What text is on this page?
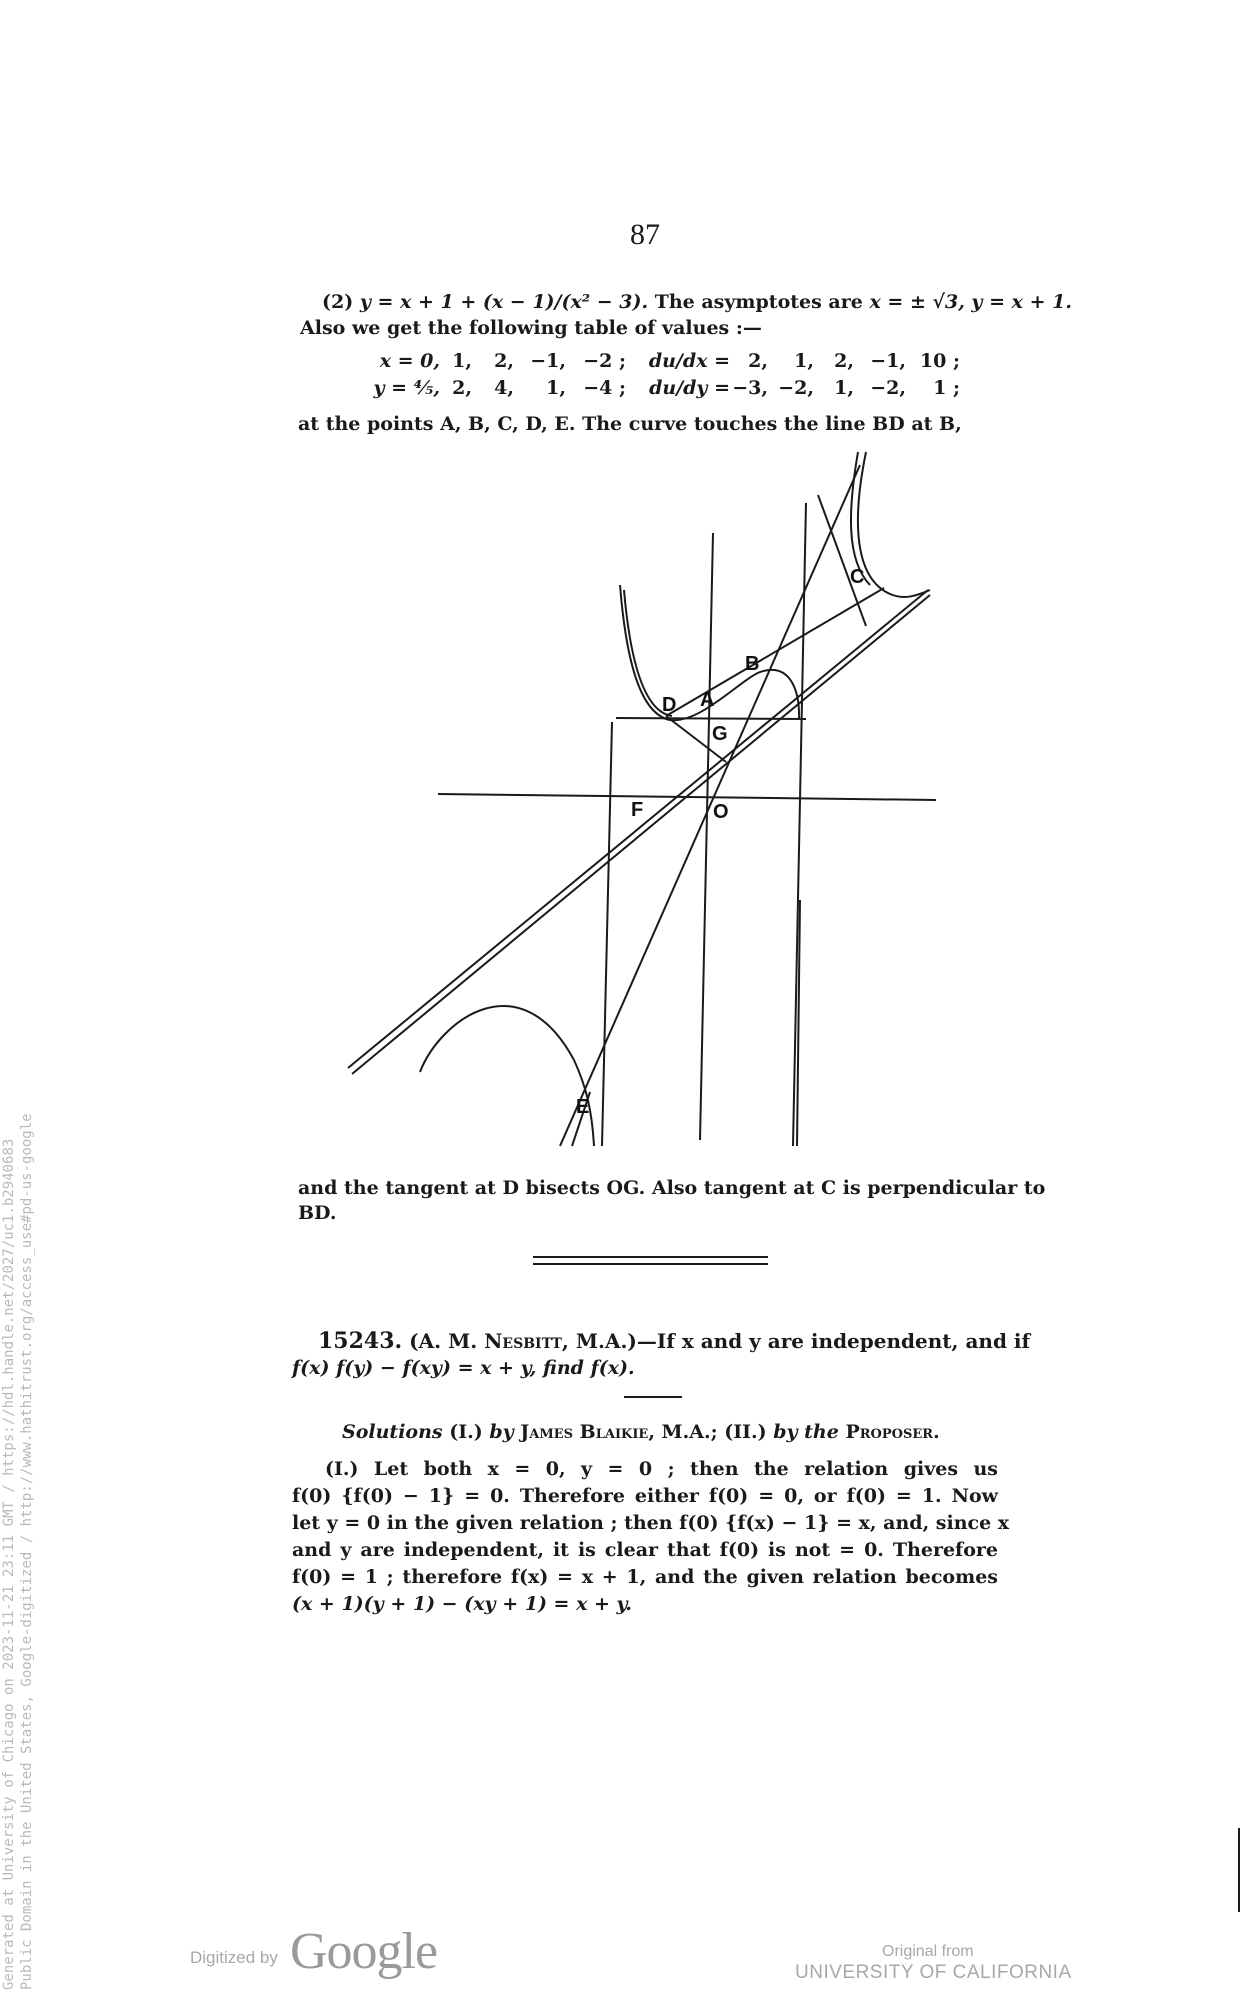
87
(2) y = x + 1 + (x − 1)/(x² − 3). The asymptotes are x = ± √3, y = x + 1.
Also we get the following table of values :—
x = 0, 1,	2, −1, −2 ;	du/dx = 2,	1,	2, −1, 10 ;
y = ⅘, 2,	4,	1, −4 ;	du/dy = −3, −2,	1, −2,	1 ;
at the points A, B, C, D, E. The curve touches the line BD at B,
B
C
D A
G
F	O
E
and the tangent at D bisects OG. Also tangent at C is perpendicular to
BD.
15243. (A. M. Nesbitt, M.A.)—If x and y are independent, and if
f(x) f(y) − f(xy) = x + y, find f(x).
Solutions (I.) by James Blaikie, M.A.; (II.) by the Proposer.
(I.) Let both x = 0, y = 0 ; then the relation gives us
f(0) {f(0) − 1} = 0. Therefore either f(0) = 0, or f(0) = 1. Now
let y = 0 in the given relation ; then f(0) {f(x) − 1} = x, and, since x
and y are independent, it is clear that f(0) is not = 0. Therefore
f(0) = 1 ; therefore f(x) = x + 1, and the given relation becomes
(x + 1)(y + 1) − (xy + 1) = x + y.
Generated at University of Chicago on 2023-11-21 23:11 GMT / https://hdl.handle.net/2027/uc1.b2940683 Public Domain in the United States, Google-digitized / http://www.hathitrust.org/access_use#pd-us-google	Digitized by Google	Original from
UNIVERSITY OF CALIFORNIA
